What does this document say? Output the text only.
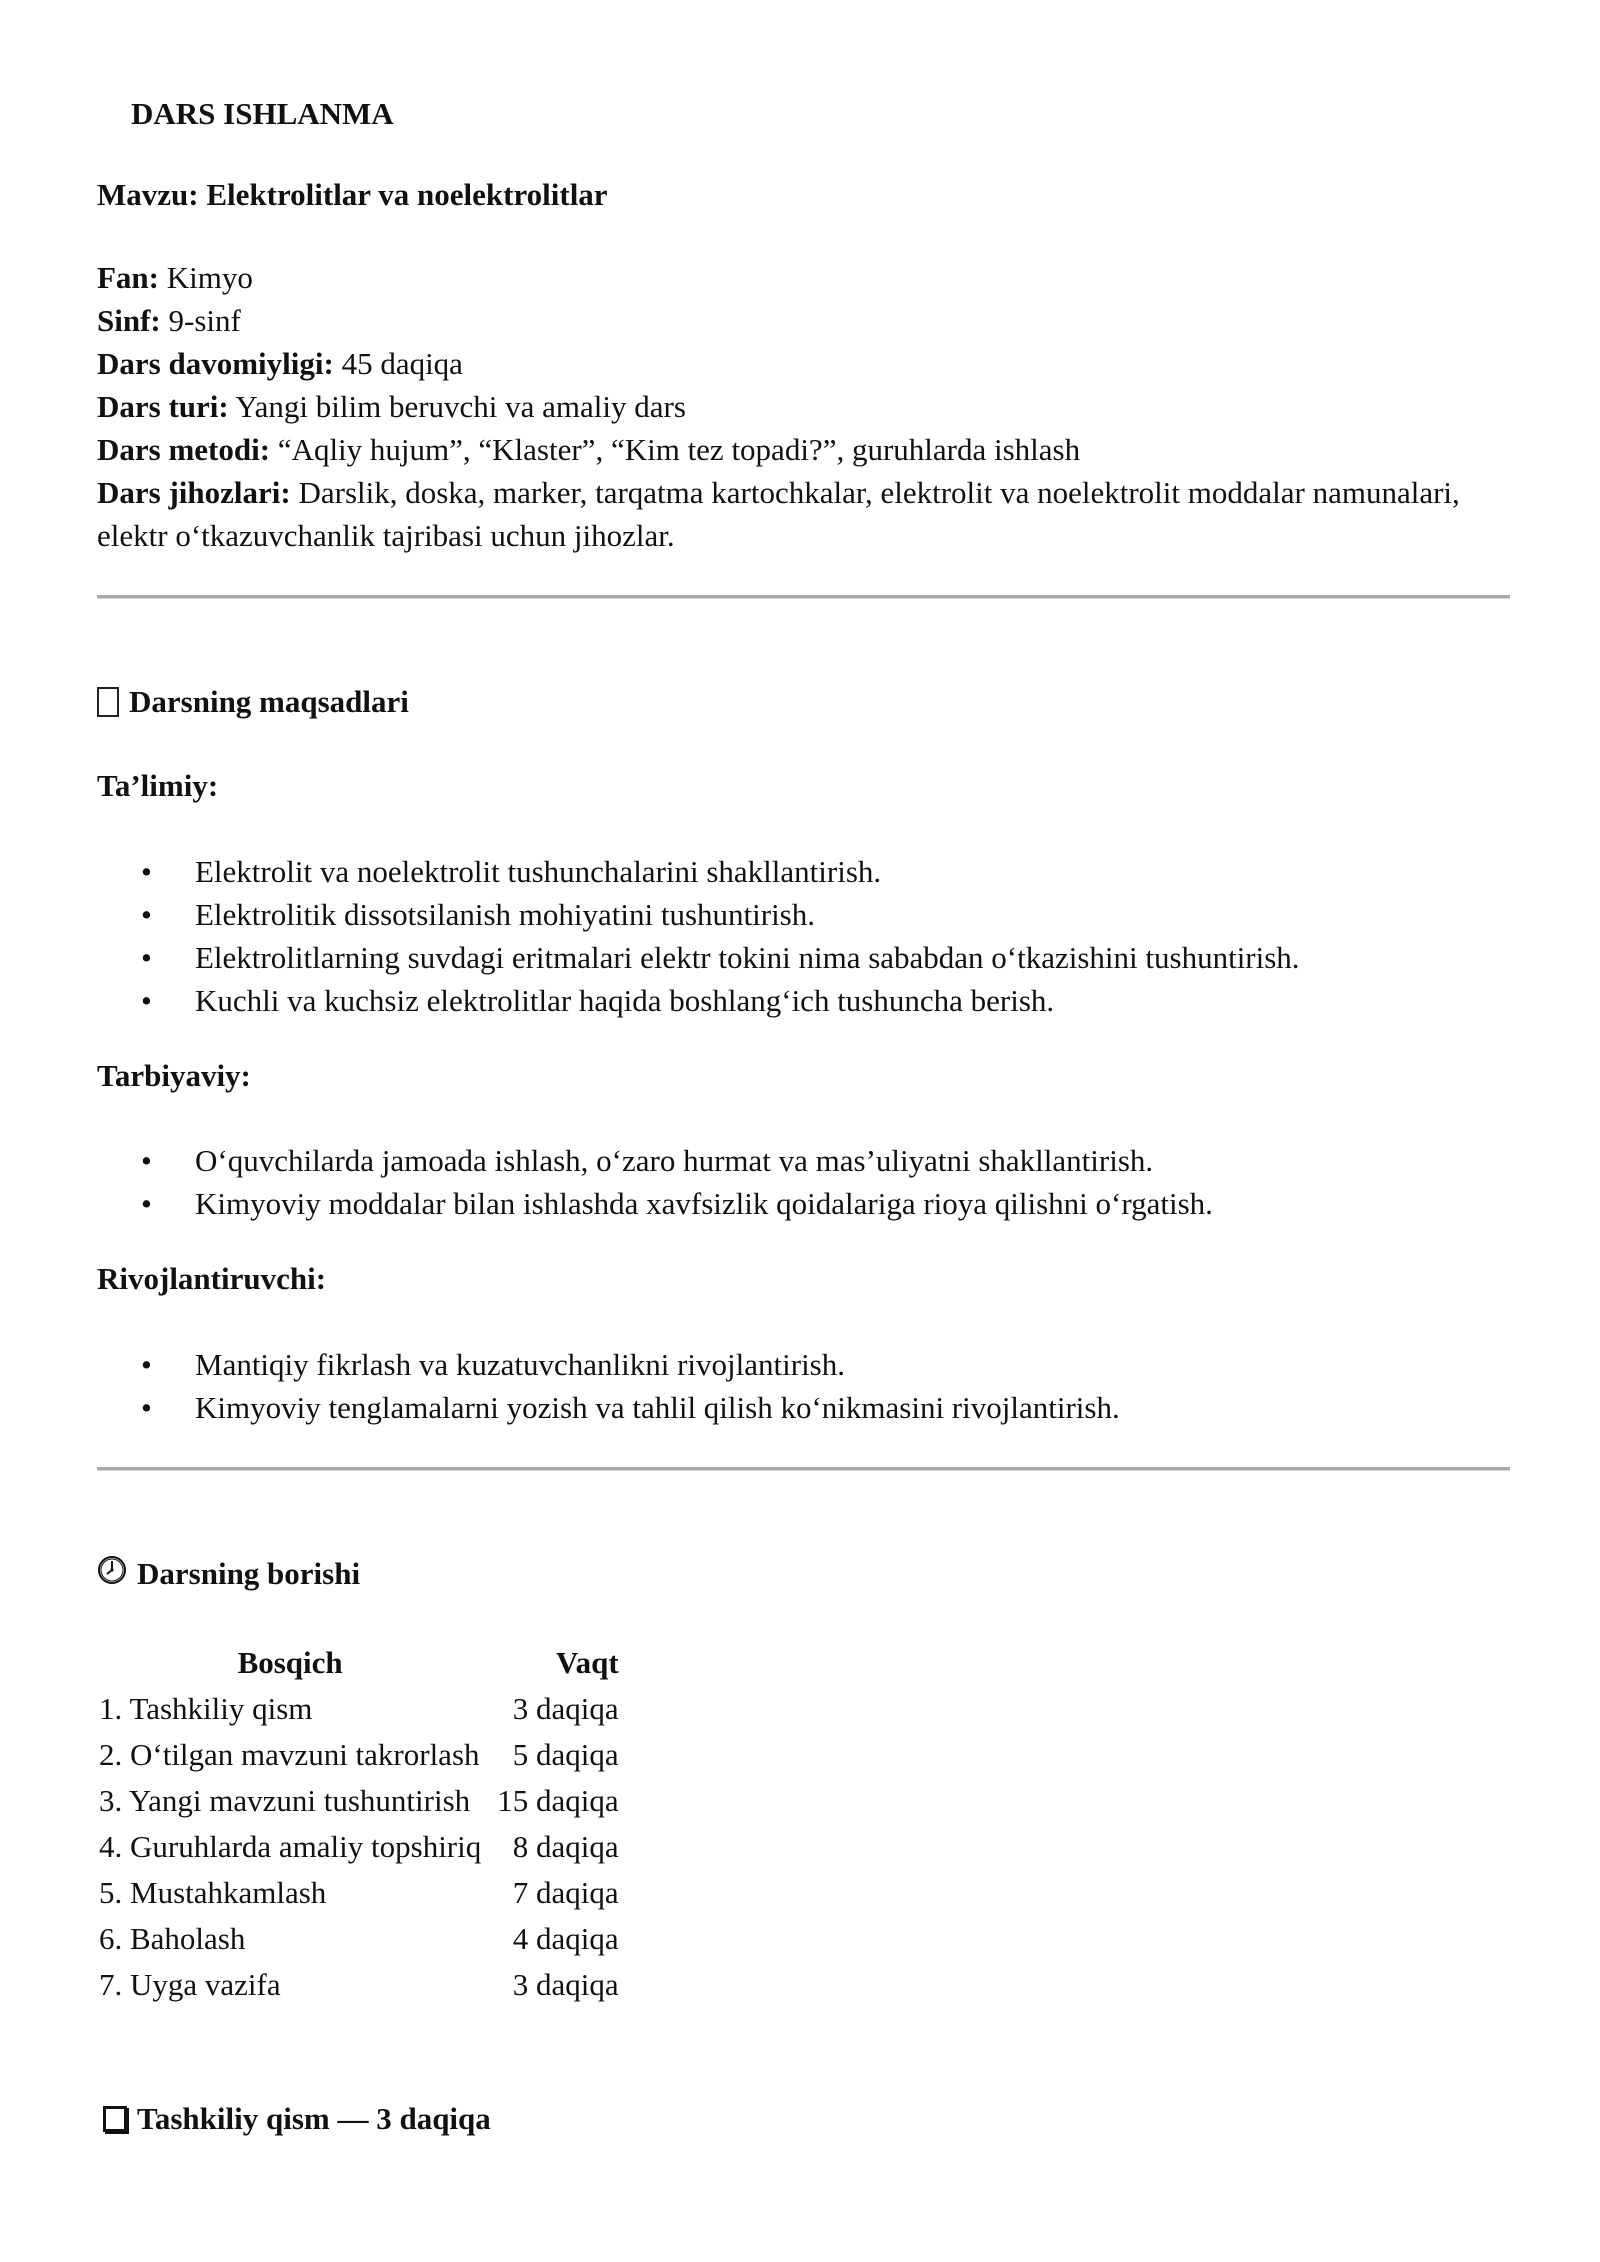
DARS ISHLANMA
Mavzu: Elektrolitlar va noelektrolitlar
Fan: Kimyo
Sinf: 9-sinf
Dars davomiyligi: 45 daqiqa
Dars turi: Yangi bilim beruvchi va amaliy dars
Dars metodi: “Aqliy hujum”, “Klaster”, “Kim tez topadi?”, guruhlarda ishlash
Dars jihozlari: Darslik, doska, marker, tarqatma kartochkalar, elektrolit va noelektrolit moddalar namunalari, elektr o‘tkazuvchanlik tajribasi uchun jihozlar.
Darsning maqsadlari
Ta’limiy:
• Elektrolit va noelektrolit tushunchalarini shakllantirish.
• Elektrolitik dissotsilanish mohiyatini tushuntirish.
• Elektrolitlarning suvdagi eritmalari elektr tokini nima sababdan o‘tkazishini tushuntirish.
• Kuchli va kuchsiz elektrolitlar haqida boshlang‘ich tushuncha berish.
Tarbiyaviy:
• O‘quvchilarda jamoada ishlash, o‘zaro hurmat va mas’uliyatni shakllantirish.
• Kimyoviy moddalar bilan ishlashda xavfsizlik qoidalariga rioya qilishni o‘rgatish.
Rivojlantiruvchi:
• Mantiqiy fikrlash va kuzatuvchanlikni rivojlantirish.
• Kimyoviy tenglamalarni yozish va tahlil qilish ko‘nikmasini rivojlantirish.
Darsning borishi
Bosqich	Vaqt
1. Tashkiliy qism	3 daqiqa
2. O‘tilgan mavzuni takrorlash	5 daqiqa
3. Yangi mavzuni tushuntirish	15 daqiqa
4. Guruhlarda amaliy topshiriq	8 daqiqa
5. Mustahkamlash	7 daqiqa
6. Baholash	4 daqiqa
7. Uyga vazifa	3 daqiqa
Tashkiliy qism — 3 daqiqa
